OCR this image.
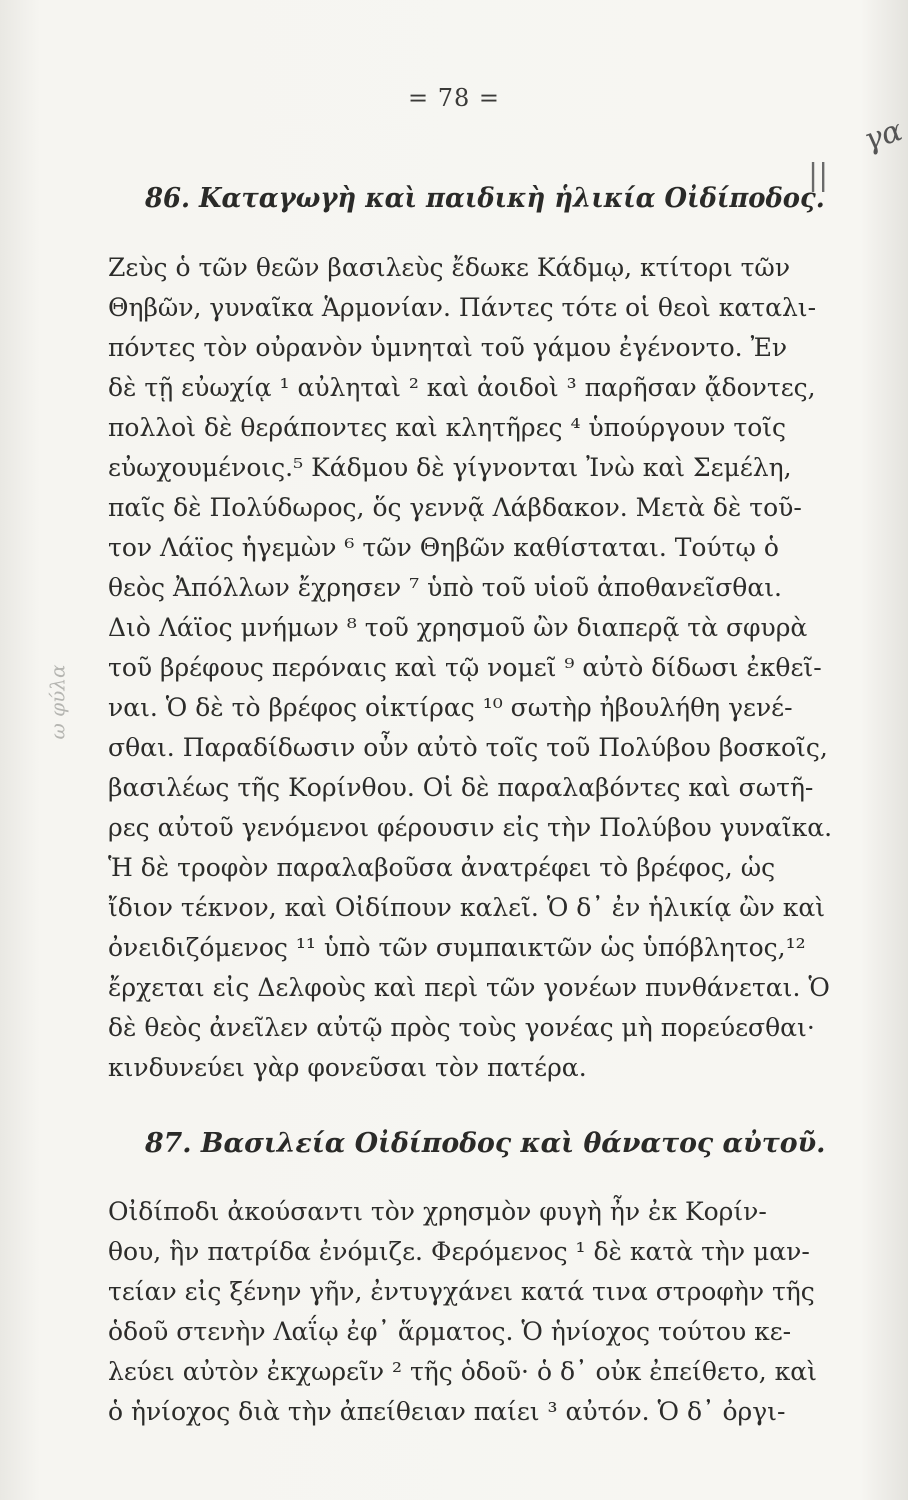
= 78 =
γα
||
ω φύλα
86. Καταγωγὴ καὶ παιδικὴ ἡλικία Οἰδίποδος.
Ζεὺς ὁ τῶν θεῶν βασιλεὺς ἔδωκε Κάδμῳ, κτίτορι τῶν
Θηβῶν, γυναῖκα Ἁρμονίαν. Πάντες τότε οἱ θεοὶ καταλι-
πόντες τὸν οὐρανὸν ὑμνηταὶ τοῦ γάμου ἐγένοντο. Ἐν
δὲ τῇ εὐωχίᾳ ¹ αὐληταὶ ² καὶ ἀοιδοὶ ³ παρῆσαν ᾄδοντες,
πολλοὶ δὲ θεράποντες καὶ κλητῆρες ⁴ ὑπούργουν τοῖς
εὐωχουμένοις.⁵ Κάδμου δὲ γίγνονται Ἰνὼ καὶ Σεμέλη,
παῖς δὲ Πολύδωρος, ὅς γεννᾷ Λάβδακον. Μετὰ δὲ τοῦ-
τον Λάϊος ἡγεμὼν ⁶ τῶν Θηβῶν καθίσταται. Τούτῳ ὁ
θεὸς Ἀπόλλων ἔχρησεν ⁷ ὑπὸ τοῦ υἱοῦ ἀποθανεῖσθαι.
Διὸ Λάϊος μνήμων ⁸ τοῦ χρησμοῦ ὢν διαπερᾷ τὰ σφυρὰ
τοῦ βρέφους περόναις καὶ τῷ νομεῖ ⁹ αὐτὸ δίδωσι ἐκθεῖ-
ναι. Ὁ δὲ τὸ βρέφος οἰκτίρας ¹⁰ σωτὴρ ἠβουλήθη γενέ-
σθαι. Παραδίδωσιν οὖν αὐτὸ τοῖς τοῦ Πολύβου βοσκοῖς,
βασιλέως τῆς Κορίνθου. Οἱ δὲ παραλαβόντες καὶ σωτῆ-
ρες αὐτοῦ γενόμενοι φέρουσιν εἰς τὴν Πολύβου γυναῖκα.
Ἡ δὲ τροφὸν παραλαβοῦσα ἀνατρέφει τὸ βρέφος, ὡς
ἴδιον τέκνον, καὶ Οἰδίπουν καλεῖ. Ὁ δ᾽ ἐν ἡλικίᾳ ὢν καὶ
ὀνειδιζόμενος ¹¹ ὑπὸ τῶν συμπαικτῶν ὡς ὑπόβλητος,¹²
ἔρχεται εἰς Δελφοὺς καὶ περὶ τῶν γονέων πυνθάνεται. Ὁ
δὲ θεὸς ἀνεῖλεν αὐτῷ πρὸς τοὺς γονέας μὴ πορεύεσθαι·
κινδυνεύει γὰρ φονεῦσαι τὸν πατέρα.
87. Βασιλεία Οἰδίποδος καὶ θάνατος αὐτοῦ.
Οἰδίποδι ἀκούσαντι τὸν χρησμὸν φυγὴ ἦν ἐκ Κορίν-
θου, ἣν πατρίδα ἐνόμιζε. Φερόμενος ¹ δὲ κατὰ τὴν μαν-
τείαν εἰς ξένην γῆν, ἐντυγχάνει κατά τινα στροφὴν τῆς
ὁδοῦ στενὴν Λαΐῳ ἐφ᾽ ἅρματος. Ὁ ἡνίοχος τούτου κε-
λεύει αὐτὸν ἐκχωρεῖν ² τῆς ὁδοῦ· ὁ δ᾽ οὐκ ἐπείθετο, καὶ
ὁ ἡνίοχος διὰ τὴν ἀπείθειαν παίει ³ αὐτόν. Ὁ δ᾽ ὀργι-
